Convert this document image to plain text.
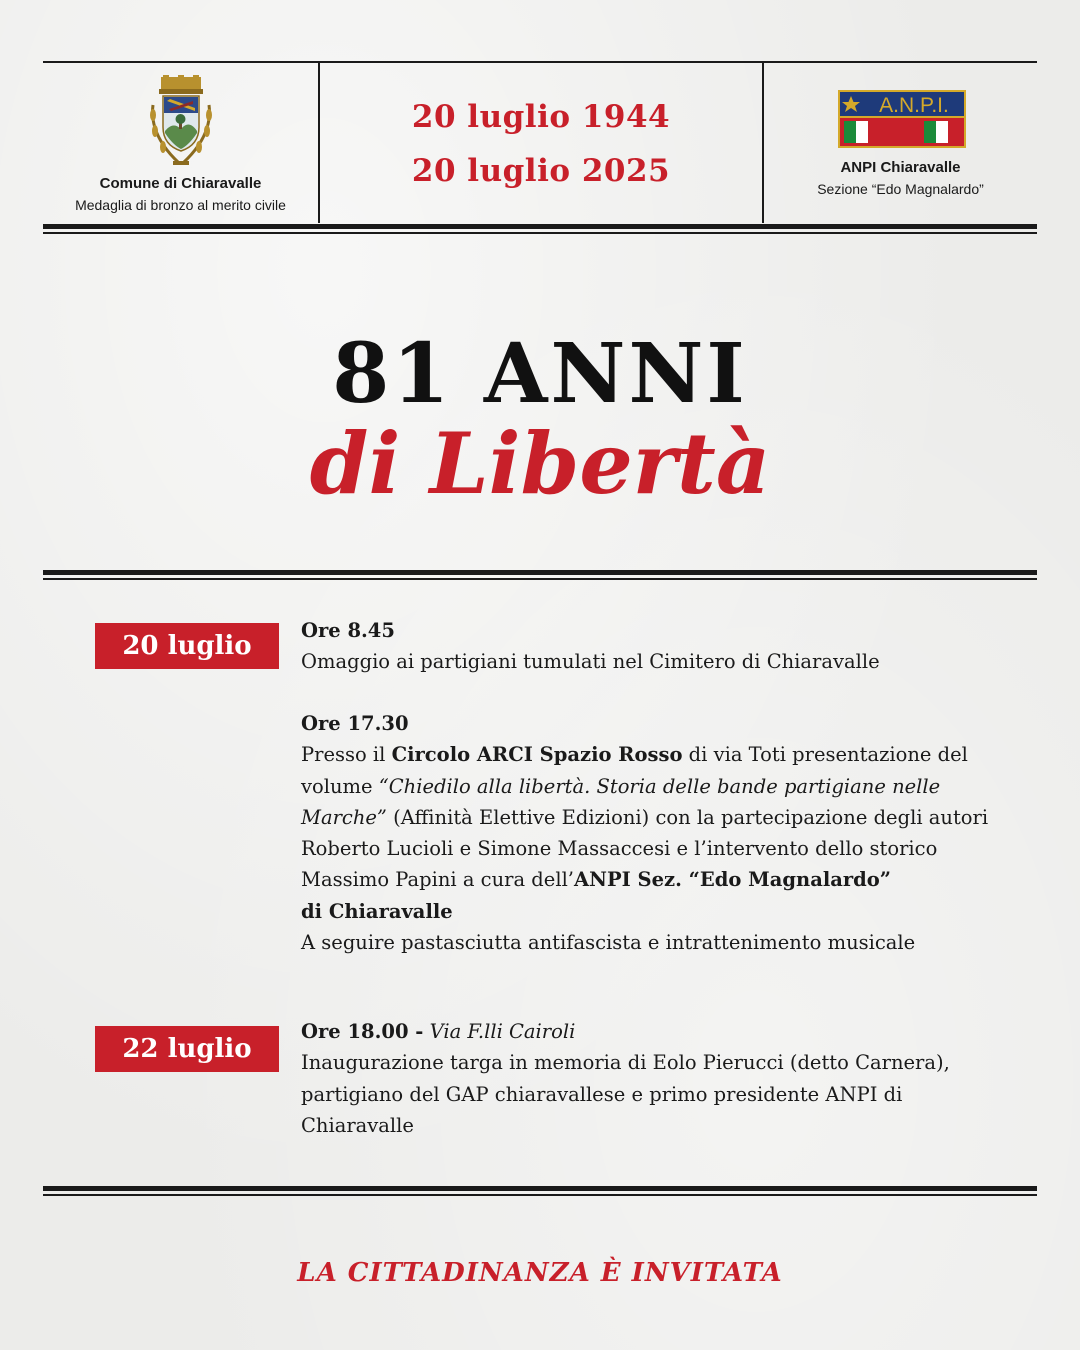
Comune di Chiaravalle
Medaglia di bronzo al merito civile
20 luglio 1944
20 luglio 2025
A.N.P.I.
ANPI Chiaravalle
Sezione “Edo Magnalardo”
81 ANNI
di Libertà
20 luglio
Ore 8.45
Omaggio ai partigiani tumulati nel Cimitero di Chiaravalle
Ore 17.30
Presso il Circolo ARCI Spazio Rosso di via Toti presentazione del
volume “Chiedilo alla libertà. Storia delle bande partigiane nelle
Marche” (Affinità Elettive Edizioni) con la partecipazione degli autori
Roberto Lucioli e Simone Massaccesi e l’intervento dello storico
Massimo Papini a cura dell’ANPI Sez. “Edo Magnalardo”
di Chiaravalle
A seguire pastasciutta antifascista e intrattenimento musicale
22 luglio
Ore 18.00 - Via F.lli Cairoli
Inaugurazione targa in memoria di Eolo Pierucci (detto Carnera),
partigiano del GAP chiaravallese e primo presidente ANPI di
Chiaravalle
LA CITTADINANZA È INVITATA
